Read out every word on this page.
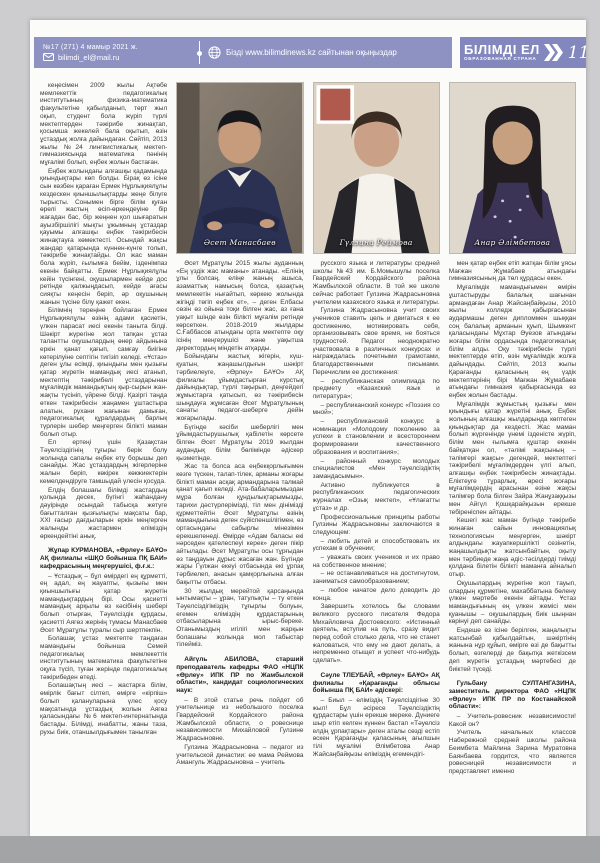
№17 (271) 4 мамыр 2021 ж.
bilimdi_el@mail.ru	Бізді www.bilimdinews.kz сайтынан оқыңыздар	БІЛІМДІ ЕЛ
ОБРАЗОВАННАЯ СТРАНА 11

кеңесімен 2009 жылы Ақтөбе мемлекеттік педагогикалық институтының физика-математика факультетіне қабылданып, төрт жыл оқып, студент бола жүріп түрлі мектептерден тәжірибе жинақтап, қосымша жекелей бала оқытып, өзін ұстаздық жолға дайындаған. Сөйтіп, 2013 жылы №24 лингвистикалық мектеп-гимназиясында математика пәнінің мұғалімі болып, еңбек жолын бастаған.

Еңбек жолындағы алғашқы қадамында қиындықтары көп болды. Бірақ өз ісіне сын көзбен қараған Ермек Нұрлықиялұлы кездескен қиыншылықтарды жеңе білуге тырысты. Сонымен бірге білім қуған өрелі жастың өсіп-өркендеуіне бір жағадан бас, бір жеңнен қол шығаратын ауызбіршілігі мықты ұжымның ұстаздар қауымы алғашқы еңбек тәжірибесін жинақтауға көмектесті. Осындай жақсы жандар қатарында күннен-күнге толып, тәжірибе жинақтайды. Ол жас маман бола жүріп, ғылымға бейім, ізденімпаз екенін байқатты. Ермек Нұрлықиялұлы кейін түсінгені, оқушылармен кейде дос ретінде қалжыңдасып, кейде ағасы сияқты кеңесін беріп, әр оқушының жанын түсіне білу қажет екен.

Білімнің тереңіне бойлаған Ермек Нұрлықиялұлы өзінің адами қасиетін, үлкен парасат иесі екенін таныта білді. Шәкірт жүрегіне жол тапқан ұстаз талантты оқушылардың өнер айдынына еркін қанат қағып, самғау биігіне көтерілуіне септігін тигізіп келеді. «Ұстаз» деген ұлы есімді, қиындығы мен қызығы қатар жүретін мамандық иесі атанып, мектептің тәжірибелі ұстаздарынан мұғалімдік мамандықтың қыр-сырын жан-жақты түсініп, үйрене білді. Қазіргі таңда өткен тәжірибесін жаңамен ұштастыра алатын, рухани жағынан дамыған, педагогикалық құралдардың барлық түрлерін шебер меңгерген білікті маман болып отыр.

Ел ертеңі үшін Қазақстан Тәуелсіздігінің тұғыры берік болу жолында сапалы еңбек ету борышы деп санайды. Жас ұстаздардың жігерлеріне жалын беріп, көкірек көкжиектерін кемелдендіруге тамшыдай үлесін қосуда.

Елдің болашағы білімді жастардың қолында десек, бүгінгі жаһандану дәуірінде осындай табысқа жетуге бағытталған қызғылықты мақсаты бар, XXI ғасыр дағдыларын еркін меңгерген жалынды жастармен еліміздің өркендейтіні анық.

Жұпар КУРМАНОВА, «Өрлеу» БАҰО» АҚ филиалы «ШҚО бойынша ПҚ БАИ» кафедрасының меңгерушісі, ф.ғ.к.:

– Ұстаздық – бұл өмірдегі ең құрметті, ең адал, ең жауапты, қызығы мен қиыншылығы қатар жүретін мамандықтардың бірі. Осы қасиетті мамандық арқылы өз кәсібінің шебері болып отырған, Тәуелсіздік құрдасы, қасиетті Аягөз жерінің тумасы Манасбаев Әсет Мұратұлы туралы сыр шертпекпін.

Болашақ ұстаз мектепте таңдаған мамандығы бойынша Семей педагогикалық мемлекеттік институтының математика факультетіне оқуға түсіп, туған жерінде педагогикалық тәжірибеден өтеді.

Болашақтың иесі – жастарға білім, өмірлік бағыт сілтеп, өмірге «кірпіш» болып қалануларына үлес қосу мақсатында ұстаздық жолын Аягөз қаласындағы №6 мектеп-интернатында бастады. Білімді, инабатты, жаны таза, рухы биік, отаншылдығымен танылған

Әсет Манасбаев

Әсет Мұратұлы 2015 жылы ауданның «Ең үздік жас маманы» атанады. «Елінің ұлы болсаң, еліңе жаның ашыса, азаматтық намысың болса, қазақтың мемлекетін нығайтып, көркею жолында жігіңді төгіп еңбек ет», – деген Елбасы сөзін өз ойына тоқи білген жас, аз ғана уақыт ішінде өзін білікті мұғалім ретінде көрсеткен. 2018-2019 жылдары С.Ғаббасов атындағы орта мектепте оқу ісінің меңгерушісі және уақытша директордың міндетін атқарды.

Бойындағы жастық жігерін, күш-қуатын, жаңашылдығын шәкірт тәрбиелеуге, «Өрлеу» БАҰО» АҚ филиалы ұйымдастырған курстық дайындықтар, түрлі тақырып, деңгейдегі жұмыстарға қатысып, өз тәжірибесін шыңдауға жұмсаған Әсет Мұратұлының санаты педагог-шеберге дейін жоғарылады.

Бүгінде кәсіби шеберлігі мен ұйымдастырушылық қабілетін көрсете білген Әсет Мұратұлы 2019 жылдан аудандық білім бөлімінде әдіскер қызметінде.

Жас та болса аса еңбекқорлығымен көзге түскен, талап-тілек, арманы жоғары білікті маман асқақ армандарына талмай қанат қағып келеді. Ата-бабаларымыздан мұра болған құндылықтарымызды, тарихи дәстүрлерімізді, тіл мен дінімізді құрметтейтін Әсет Мұратұлы өзінің мамандығына деген сүйіспеншілігімен, өз ортасындағы сабырлы мінезімен ерекшеленеді. Өмірде «Адам баласы екі нәрседен қателеспеуі керек» деген пікір айтылады. Әсет Мұратұлы осы тұрғыдан өз таңдауын дұрыс жасаған жан. Бүгінде жары Гүлжан екеуі отбасында екі ұрпақ тәрбиелеп, анасын қамқорлығына алған бақытты отбасы.

30 жылдық мерейтой қарсаңында ынтымақты – ұран, татулықты – ту еткен Тәуелсіздігіміздің тұғырлы болуын, егемен еліміздің құрдастарының отбасыларына ырыс-береке. Отанымыздың игілігі мен жарқын болашағы жолында мол табыстар тілейміз.

Айгүль АБИЛОВА, старший преподаватель кафедры ФАО «НЦПК «Өрлеу» ИПК ПР по Жамбылской области», кандидат социологических наук:

– В этой статье речь пойдет об учительнице из небольшого поселка Гвардейский Кордайского района Жамбылской области, о ровеснице независимости Михайловой Гулзине Жадрасыновне.

Гулзина Жадрасыновна – педагог из учительской династии: ее мама Реймова Амангуль Жадрасыновна – учитель

Гүлзина Реймова

русского языка и литературы средней школы №43 им. Б.Момышулы поселка Гвардейский Кордайского района Жамбылской области. В той же школе сейчас работает Гулзина Жадрасыновна учителем казахского языка и литературы.

Гулзина Жадрасыновна учит своих учеников ставить цель и двигаться к ее достижению, мотивировать себя, организовывать свое время, не бояться трудностей. Педагог неоднократно участвовала в различных конкурсах и награждалась почетными грамотами, благодарственными письмами. Перечислим ее достижения:

– республиканская олимпиада по предмету «Казахский язык и литература»;

– республиканский конкурс «Поэзия со мной»;

– республиканский конкурс в номинации «Молодому поколению за успехи в становлении и всестороннем формировании качественного образования и воспитания»;

– районный конкурс молодых специалистов «Мен тәуелсіздіктің замандасымын».

Активно публикуется в республиканских педагогических журналах «Озық мектеп», «Ұлағатты ұстаз» и др.

Профессиональные принципы работы Гулзины Жадрасыновны заключаются в следующем:

– любить детей и способствовать их успехам в обучении;

– уважать своих учеников и их право на собственное мнение;

– не останавливаться на достигнутом, заниматься самообразованием;

– любое начатое дело доводить до конца.

Завершить хотелось бы словами великого русского писателя Федора Михайловича Достоевского: «Истинный деятель, вступив на путь, сразу видит перед собой столько дела, что не станет жаловаться, что ему не дают делать, а непременно отыщет и успеет что-нибудь сделать».

Сәуле ТЛЕУБАЙ, «Өрлеу» БАҰО» АҚ филиалы «Қарағанды облысы бойынша ПҚ БАИ» әдіскері:

– Биыл – еліміздің Тәуелсіздігіне 30 жыл! Бұл әсіресе Тәуелсіздіктің құрдастары үшін ерекше мереке. Дүниеге шыр етіп келген күннен бастап «Тәуелсіз елдің ұрпақтары» деген аталы сөзді естіп өскен Қарағанды қаласының ағылшын тілі мұғалімі Әлімбетова Анар Жайсаңбайқызы еліміздің егемендігі-

Анар Әлімбетова

мен қатар еңбек етіп жатқан білім ұясы Мағжан Жұмабаев атындағы гимназиясының да төл құрдасы екен.

Мұғалімдік мамандығымен өмірін ұштастыруды балалық шағынан армандаған Анар Жайсаңбайқызы, 2010 жылы колледж қабырғасынан аудармашы деген дипломмен шыққан соң балалық арманын қуып, Шымкент қаласындағы Мұхтар Әуезов атындағы жоғары білім ордасында педагогикалық білім алды. Оқу тәжірибесін түрлі мектептерде өтіп, өзін мұғалімдік жолға дайындады. Сөйтіп, 2013 жылы Қарағанды қаласының ең үздік мектептерінің бірі Мағжан Жұмабаев атындағы гимназия қабырғасында өз еңбек жолын бастады.

Мұғалімдік жұмыстың қызығы мен қиындығы қатар жүретіні анық. Еңбек жолының алғашқы жылдарында көптеген қиындықтар да кездесті. Жас маман болып жүргенінде үнемі ізденісте жүріп, білім мен ғылымға құштар екенін байқатқан ол, «тәлімі жақсының – тәлімгері жақсы» дегендей, мектептегі тәжірибелі мұғалімдерден үлгі алып, алғашқы еңбек тәжірибесін жинақтады. Еліктеуге тұрарлық, өресі жоғары мұғалімдердің арасынан өзіне жақсы тәлімгер бола білген Зайра Жанұзаққызы мен Айгүл Қошқарайқызын ерекше тебіреніспен айтады.

Кешегі жас маман бүгінде тәжірибе жинаған сайын инновациялық технологиясын меңгерген, шәкірт алдындағы жауапкершілікті сезінетін, жаңашылдықты жатсынбайтын, оқыту мен тәрбиеде жаңа әдіс-тәсілдерді тиімді қолдана білетін білікті маманға айналып отыр.

Оқушылардың жүрегіне жол тауып, олардың құрметіне, махаббатына бөлену үлкен мәртебе екенін айтады. Ұстаз мамандығының ең үлкен жемісі мен қуанышы – оқушылардың биік шыңнан көрінуі деп санайды.

Ендеше өз ісіне берілген, жаңалықты жатсынбай қабылдайтын, шәкіртінің жанына нұр құйып, өмірге өзі де бақытты болып, өзгелерді де бақытқа жеткізсем деп жүретін ұстаздың мәртебесі де биіктей түседі.

Гульбану СУЛТАНГАЗИНА, заместитель директора ФАО «НЦПК «Өрлеу» ИПК ПР по Костанайской области»:

– Учитель-ровесник независимости! Какой он?

Учитель начальных классов Набережной средней школы района Беимбета Майлина Зарина Муратовна Баянбаева гордится, что является ровесницей независимости и представляет именно
